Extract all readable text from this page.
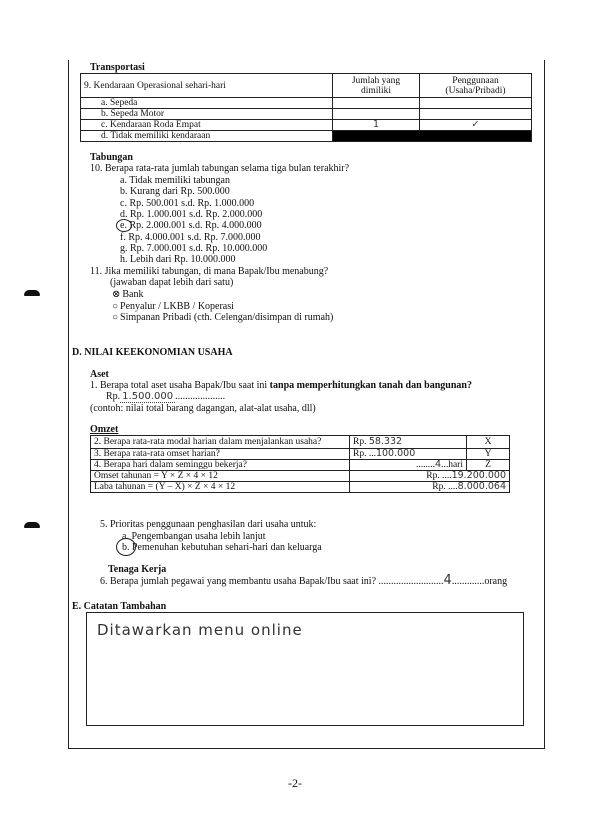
Transportasi
9. Kendaraan Operasional sehari-hari	Jumlah yang dimiliki	Penggunaan (Usaha/Pribadi)
a. Sepeda		
b. Sepeda Motor		
c. Kendaraan Roda Empat	1	✓
d. Tidak memiliki kendaraan		
Tabungan
10. Berapa rata-rata jumlah tabungan selama tiga bulan terakhir?
a. Tidak memiliki tabungan
b. Kurang dari Rp. 500.000
c. Rp. 500.001 s.d. Rp. 1.000.000
d. Rp. 1.000.001 s.d. Rp. 2.000.000
e. Rp. 2.000.001 s.d. Rp. 4.000.000
f. Rp. 4.000.001 s.d. Rp. 7.000.000
g. Rp. 7.000.001 s.d. Rp. 10.000.000
h. Lebih dari Rp. 10.000.000
11. Jika memiliki tabungan, di mana Bapak/Ibu menabung?
(jawaban dapat lebih dari satu)
⊗ Bank
○ Penyalur / LKBB / Koperasi
○ Simpanan Pribadi (cth. Celengan/disimpan di rumah)
D. NILAI KEEKONOMIAN USAHA
Aset
1. Berapa total aset usaha Bapak/Ibu saat ini tanpa memperhitungkan tanah dan bangunan?
Rp. 1.500.000 ....................
(contoh: nilai total barang dagangan, alat-alat usaha, dll)
Omzet
2. Berapa rata-rata modal harian dalam menjalankan usaha?	Rp. 58.332	X
3. Berapa rata-rata omset harian?	Rp. ...100.000	Y
4. Berapa hari dalam seminggu bekerja?	........4...hari	Z
Omset tahunan = Y × Z × 4 × 12	Rp. ....19.200.000	
Laba tahunan = (Y – X) × Z × 4 × 12	Rp. ....8.000.064	
5. Prioritas penggunaan penghasilan dari usaha untuk:
a. Pengembangan usaha lebih lanjut
b. Pemenuhan kebutuhan sehari-hari dan keluarga
Tenaga Kerja
6. Berapa jumlah pegawai yang membantu usaha Bapak/Ibu saat ini? ..........................4.............orang
E. Catatan Tambahan
Ditawarkan menu online
-2-
